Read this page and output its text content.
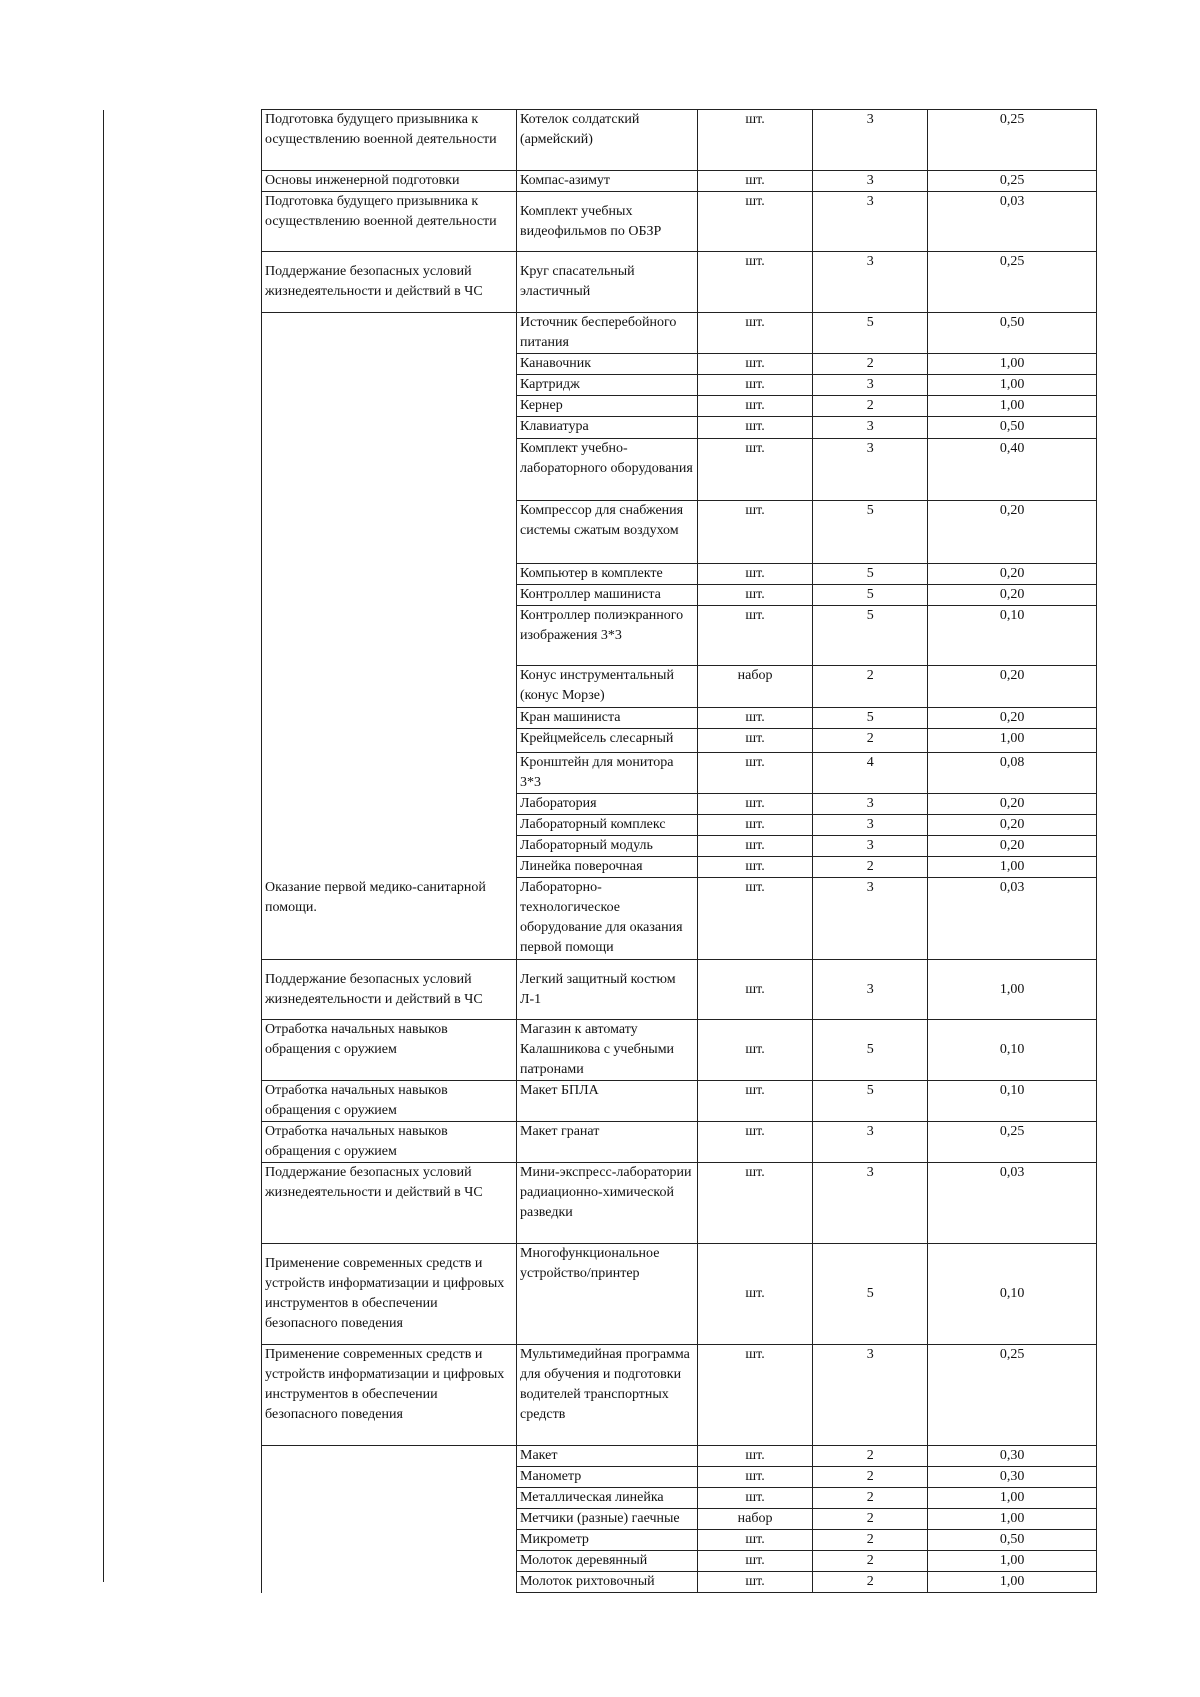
Подготовка будущего призывника к осуществлению военной деятельности	Котелок солдатский (армейский)	шт.	3	0,25
Основы инженерной подготовки	Компас-азимут	шт.	3	0,25
Подготовка будущего призывника к осуществлению военной деятельности	Комплект учебных видеофильмов по ОБЗР	шт.	3	0,03
Поддержание безопасных условий жизнедеятельности и действий в ЧС	Круг спасательный эластичный	шт.	3	0,25
	Источник бесперебойного питания	шт.	5	0,50
	Канавочник	шт.	2	1,00
	Картридж	шт.	3	1,00
	Кернер	шт.	2	1,00
	Клавиатура	шт.	3	0,50
	Комплект учебно-лабораторного оборудования	шт.	3	0,40
	Компрессор для снабжения системы сжатым воздухом	шт.	5	0,20
	Компьютер в комплекте	шт.	5	0,20
	Контроллер машиниста	шт.	5	0,20
	Контроллер полиэкранного изображения 3*3	шт.	5	0,10
	Конус инструментальный (конус Морзе)	набор	2	0,20
	Кран машиниста	шт.	5	0,20
	Крейцмейсель слесарный	шт.	2	1,00
	Кронштейн для монитора 3*3	шт.	4	0,08
	Лаборатория	шт.	3	0,20
	Лабораторный комплекс	шт.	3	0,20
	Лабораторный модуль	шт.	3	0,20
	Линейка поверочная	шт.	2	1,00
Оказание первой медико-санитарной помощи.	Лабораторно-технологическое оборудование для оказания первой помощи	шт.	3	0,03
Поддержание безопасных условий жизнедеятельности и действий в ЧС	Легкий защитный костюм Л-1	шт.	3	1,00
Отработка начальных навыков обращения с оружием	Магазин к автомату Калашникова с учебными патронами	шт.	5	0,10
Отработка начальных навыков обращения с оружием	Макет БПЛА	шт.	5	0,10
Отработка начальных навыков обращения с оружием	Макет гранат	шт.	3	0,25
Поддержание безопасных условий жизнедеятельности и действий в ЧС	Мини-экспресс-лаборатории радиационно-химической разведки	шт.	3	0,03
Применение современных средств и устройств информатизации и цифровых инструментов в обеспечении безопасного поведения	Многофункциональное устройство/принтер	шт.	5	0,10
Применение современных средств и устройств информатизации и цифровых инструментов в обеспечении безопасного поведения	Мультимедийная программа для обучения и подготовки водителей транспортных средств	шт.	3	0,25
	Макет	шт.	2	0,30
	Манометр	шт.	2	0,30
	Металлическая линейка	шт.	2	1,00
	Метчики (разные) гаечные	набор	2	1,00
	Микрометр	шт.	2	0,50
	Молоток деревянный	шт.	2	1,00
	Молоток рихтовочный	шт.	2	1,00
